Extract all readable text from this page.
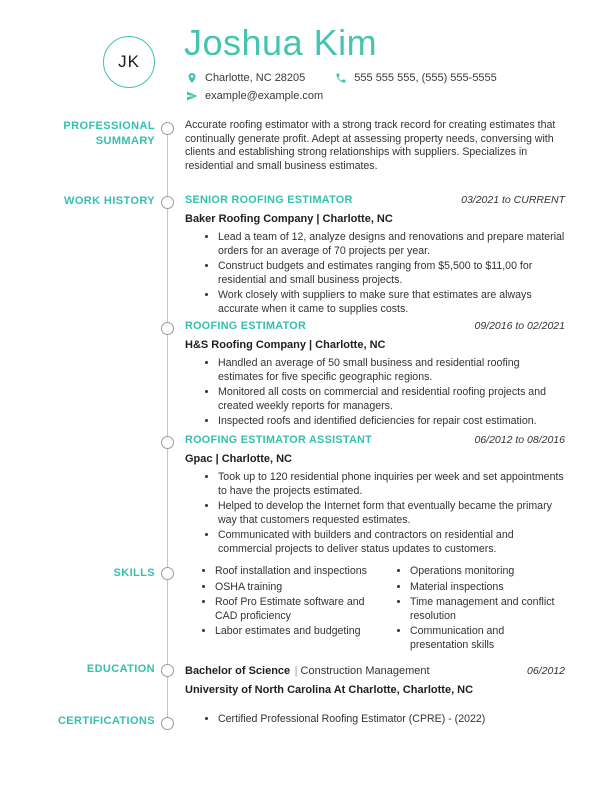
JK Joshua Kim
Charlotte, NC 28205	555 555 555, (555) 555-5555
example@example.com
PROFESSIONAL SUMMARY
WORK HISTORY
SKILLS
EDUCATION
CERTIFICATIONS
Accurate roofing estimator with a strong track record for creating estimates that continually generate profit. Adept at assessing property needs, conversing with clients and establishing strong relationships with suppliers. Specializes in residential and small business estimates.
SENIOR ROOFING ESTIMATOR	03/2021 to CURRENT
Baker Roofing Company | Charlotte, NC
• Lead a team of 12, analyze designs and renovations and prepare material orders for an average of 70 projects per year.
• Construct budgets and estimates ranging from $5,500 to $11,00 for residential and small business projects.
• Work closely with suppliers to make sure that estimates are always accurate when it came to supplies costs.
ROOFING ESTIMATOR	09/2016 to 02/2021
H&S Roofing Company | Charlotte, NC
• Handled an average of 50 small business and residential roofing estimates for five specific geographic regions.
• Monitored all costs on commercial and residential roofing projects and created weekly reports for managers.
• Inspected roofs and identified deficiencies for repair cost estimation.
ROOFING ESTIMATOR ASSISTANT	06/2012 to 08/2016
Gpac | Charlotte, NC
• Took up to 120 residential phone inquiries per week and set appointments to have the projects estimated.
• Helped to develop the Internet form that eventually became the primary way that customers requested estimates.
• Communicated with builders and contractors on residential and commercial projects to deliver status updates to customers.
• Roof installation and inspections
• OSHA training
• Roof Pro Estimate software and CAD proficiency
• Labor estimates and budgeting
• Operations monitoring
• Material inspections
• Time management and conflict resolution
• Communication and presentation skills
Bachelor of Science | Construction Management	06/2012
University of North Carolina At Charlotte, Charlotte, NC
• Certified Professional Roofing Estimator (CPRE) - (2022)
